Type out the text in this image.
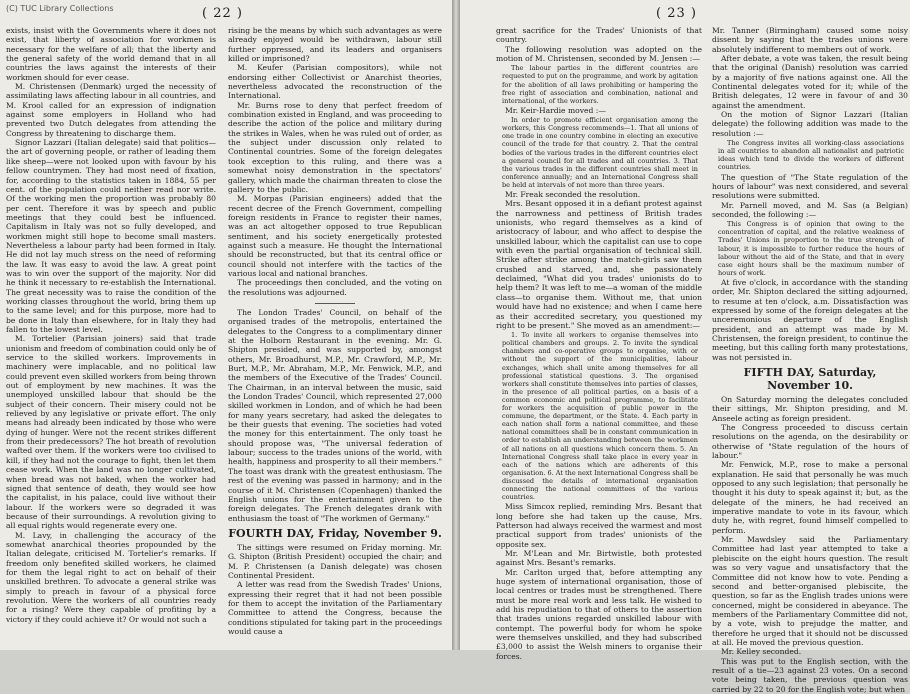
(C) TUC Library Collections	( 22 )

exists, insist with the Governments where it does not exist, that liberty of association for workmen is necessary for the welfare of all; that the liberty and the general safety of the world demand that in all countries the laws against the interests of their workmen should for ever cease.

M. Christensen (Denmark) urged the necessity of assimilating laws affecting labour in all countries, and M. Krool called for an expression of indignation against some employers in Holland who had prevented two Dutch delegates from attending the Congress by threatening to discharge them.

Signor Lazzari (Italian delegate) said that politics—the art of governing people, or rather of leading them like sheep—were not looked upon with favour by his fellow countrymen. They had most need of fixation, for, according to the statistics taken in 1884, 55 per cent. of the population could neither read nor write. Of the working men the proportion was probably 80 per cent. Therefore it was by speech and public meetings that they could best be influenced. Capitalism in Italy was not so fully developed, and workmen might still hope to become small masters. Nevertheless a labour party had been formed in Italy. He did not lay much stress on the need of reforming the law. It was easy to avoid the law. A great point was to win over the support of the majority. Nor did he think it necessary to re-establish the International. The great necessity was to raise the condition of the working classes throughout the world, bring them up to the same level; and for this purpose, more had to be done in Italy than elsewhere, for in Italy they had fallen to the lowest level.

M. Tortelier (Parisian joiners) said that trade unionism and freedom of combination could only be of service to the skilled workers. Improvements in machinery were implacable, and no political law could prevent even skilled workers from being thrown out of employment by new machines. It was the unemployed unskilled labour that should be the subject of their concern. Their misery could not be relieved by any legislative or private effort. The only means had already been indicated by those who were dying of hunger. Were not the recent strikes different from their predecessors? The hot breath of revolution wafted over them. If the workers were too civilised to kill, if they had not the courage to fight, then let them cease work. When the land was no longer cultivated, when bread was not baked, when the worker had signed that sentence of death, they would see how the capitalist, in his palace, could live without their labour. If the workers were so degraded it was because of their surroundings. A revolution giving to all equal rights would regenerate every one.

M. Lavy, in challenging the accuracy of the somewhat anarchical theories propounded by the Italian delegate, criticised M. Tortelier's remarks. If freedom only benefited skilled workers, he claimed for them the legal right to act on behalf of their unskilled brethren. To advocate a general strike was simply to preach in favour of a physical force revolution. Were the workers of all countries ready for a rising? Were they capable of profiting by a victory if they could achieve it? Or would not such a

rising be the means by which such advantages as were already enjoyed would be withdrawn, labour still further oppressed, and its leaders and organisers killed or imprisoned?

M. Keufer (Parisian compositors), while not endorsing either Collectivist or Anarchist theories, nevertheless advocated the reconstruction of the International.

Mr. Burns rose to deny that perfect freedom of combination existed in England, and was proceeding to describe the action of the police and military during the strikes in Wales, when he was ruled out of order, as the subject under discussion only related to Continental countries. Some of the foreign delegates took exception to this ruling, and there was a somewhat noisy demonstration in the spectators' gallery, which made the chairman threaten to close the gallery to the public.

M. Morpas (Parisian engineers) added that the recent decree of the French Government, compelling foreign residents in France to register their names, was an act altogether opposed to true Republican sentiment, and his society energetically protested against such a measure. He thought the International should be reconstructed, but that its central office or council should not interfere with the tactics of the various local and national branches.

The proceedings then concluded, and the voting on the resolutions was adjourned.

The London Trades' Council, on behalf of the organised trades of the metropolis, entertained the delegates to the Congress to a complimentary dinner at the Holborn Restaurant in the evening. Mr. G. Shipton presided, and was supported by, amongst others, Mr. Broadhurst, M.P., Mr. Crawford, M.P., Mr. Burt, M.P., Mr. Abraham, M.P., Mr. Fenwick, M.P., and the members of the Executive of the Trades' Council. The Chairman, in an interval between the music, said the London Trades' Council, which represented 27,000 skilled workmen in London, and of which he had been for many years secretary, had asked the delegates to be their guests that evening. The societies had voted the money for this entertainment. The only toast he should propose was, "The universal federation of labour; success to the trades unions of the world, with health, happiness and prosperity to all their members." The toast was drank with the greatest enthusiasm. The rest of the evening was passed in harmony; and in the course of it M. Christensen (Copenhagen) thanked the English unions for the entertainment given to the foreign delegates. The French delegates drank with enthusiasm the toast of "The workmen of Germany."

FOURTH DAY, Friday, November 9.

The sittings were resumed on Friday morning. Mr. G. Shipton (British President) occupied the chair; and M. P. Christensen (a Danish delegate) was chosen Continental President.

A letter was read from the Swedish Trades' Unions, expressing their regret that it had not been possible for them to accept the invitation of the Parliamentary Committee to attend the Congress, because the conditions stipulated for taking part in the proceedings would cause a

( 23 )

great sacrifice for the Trades' Unionists of that country.

The following resolution was adopted on the motion of M. Christensen, seconded by M. Jensen :—

The labour parties in the different countries are requested to put on the programme, and work by agitation for the abolition of all laws prohibiting or hampering the free right of association and combination, national and international, of the workers.

Mr. Keir-Hardie moved :—

In order to promote efficient organisation among the workers, this Congress recommends—1. That all unions of one trade in one country combine in electing an executive council of the trade for that country. 2. That the central bodies of the various trades in the different countries elect a general council for all trades and all countries. 3. That the various trades in the different countries shall meet in conference annually; and an International Congress shall be held at intervals of not more than three years.

Mr. Freak seconded the resolution.

Mrs. Besant opposed it in a defiant protest against the narrowness and pettiness of British trades unionists, who regard themselves as a kind of aristocracy of labour, and who affect to despise the unskilled labour, which the capitalist can use to cope with even the partial organisation of technical skill. Strike after strike among the match-girls saw them crushed and starved, and, she passionately declaimed, "What did you trades' unionists do to help them? It was left to me—a woman of the middle class—to organise them. Without me, that union would have had no existence; and when I came here as their accredited secretary, you questioned my right to be present." She moved as an amendment:—

1. To invite all workers to organise themselves into political chambers and groups. 2. To invite the syndical chambers and co-operative groups to organise, with or without the support of the municipalities, labour exchanges, which shall unite among themselves for all professional statistical questions. 3. The organised workers shall constitute themselves into parties of classes, in the presence of all political parties, on a basis of a common economic and political programme, to facilitate for workers the acquisition of public power in the commune, the department, or the State. 4. Each party in each nation shall form a national committee, and these national committees shall be in constant communication in order to establish an understanding between the workmen of all nations on all questions which concern them. 5. An International Congress shall take place in every year in each of the nations which are adherents of this organisation. 6. At the next International Congress shall be discussed the details of international organisation connecting the national committees of the various countries.

Miss Simcox replied, reminding Mrs. Besant that long before she had taken up the cause, Mrs. Patterson had always received the warmest and most practical support from trades' unionists of the opposite sex.

Mr. M'Lean and Mr. Birtwistle, both protested against Mrs. Besant's remarks.

Mr. Carlton urged that, before attempting any huge system of international organisation, those of local centres or trades must be strengthened. There must be more real work and less talk. He wished to add his repudiation to that of others to the assertion that trades unions regarded unskilled labour with contempt. The powerful body for whom he spoke were themselves unskilled, and they had subscribed £3,000 to assist the Welsh miners to organise their forces.

Mr. Tanner (Birmingham) caused some noisy dissent by saying that the trades unions were absolutely indifferent to members out of work.

After debate, a vote was taken, the result being that the original (Danish) resolution was carried by a majority of five nations against one. All the Continental delegates voted for it; while of the British delegates, 12 were in favour of and 30 against the amendment.

On the motion of Signor Lazzari (Italian delegate) the following addition was made to the resolution :—

The Congress invites all working-class associations in all countries to abandon all nationalist and patriotic ideas which tend to divide the workers of different countries.

The question of "The State regulation of the hours of labour" was next considered, and several resolutions were submitted.

Mr. Parnell moved, and M. Sas (a Belgian) seconded, the following :—

This Congress is of opinion that owing to the concentration of capital, and the relative weakness of Trades' Unions in proportion to the true strength of labour, it is impossible to further reduce the hours of labour without the aid of the State, and that in every case eight hours shall be the maximum number of hours of work.

At five o'clock, in accordance with the standing order, Mr. Shipton declared the sitting adjourned, to resume at ten o'clock, a.m. Dissatisfaction was expressed by some of the foreign delegates at the unceremonious departure of the English president, and an attempt was made by M. Christensen, the foreign president, to continue the meeting, but this calling forth many protestations, was not persisted in.

FIFTH DAY, Saturday, November 10.

On Saturday morning the delegates concluded their sittings, Mr. Shipton presiding, and M. Anseele acting as foreign president.

The Congress proceeded to discuss certain resolutions on the agenda, on the desirability or otherwise of "State regulation of the hours of labour."

Mr. Fenwick, M.P., rose to make a personal explanation. He said that personally he was much opposed to any such legislation; that personally he thought it his duty to speak against it; but, as the delegate of the miners, he had received an imperative mandate to vote in its favour, which duty he, with regret, found himself compelled to perform.

Mr. Mawdsley said the Parliamentary Committee had last year attempted to take a plebiscite on the eight hours question. The result was so very vague and unsatisfactory that the Committee did not know how to vote. Pending a second and better-organised plebiscite, the question, so far as the English trades unions were concerned, might be considered in abeyance. The members of the Parliamentary Committee did not, by a vote, wish to prejudge the matter, and therefore he urged that it should not be discussed at all. He moved the previous question.

Mr. Kelley seconded.

This was put to the English section, with the result of a tie—23 against 23 votes. On a second vote being taken, the previous question was carried by 22 to 20 for the English vote; but when
